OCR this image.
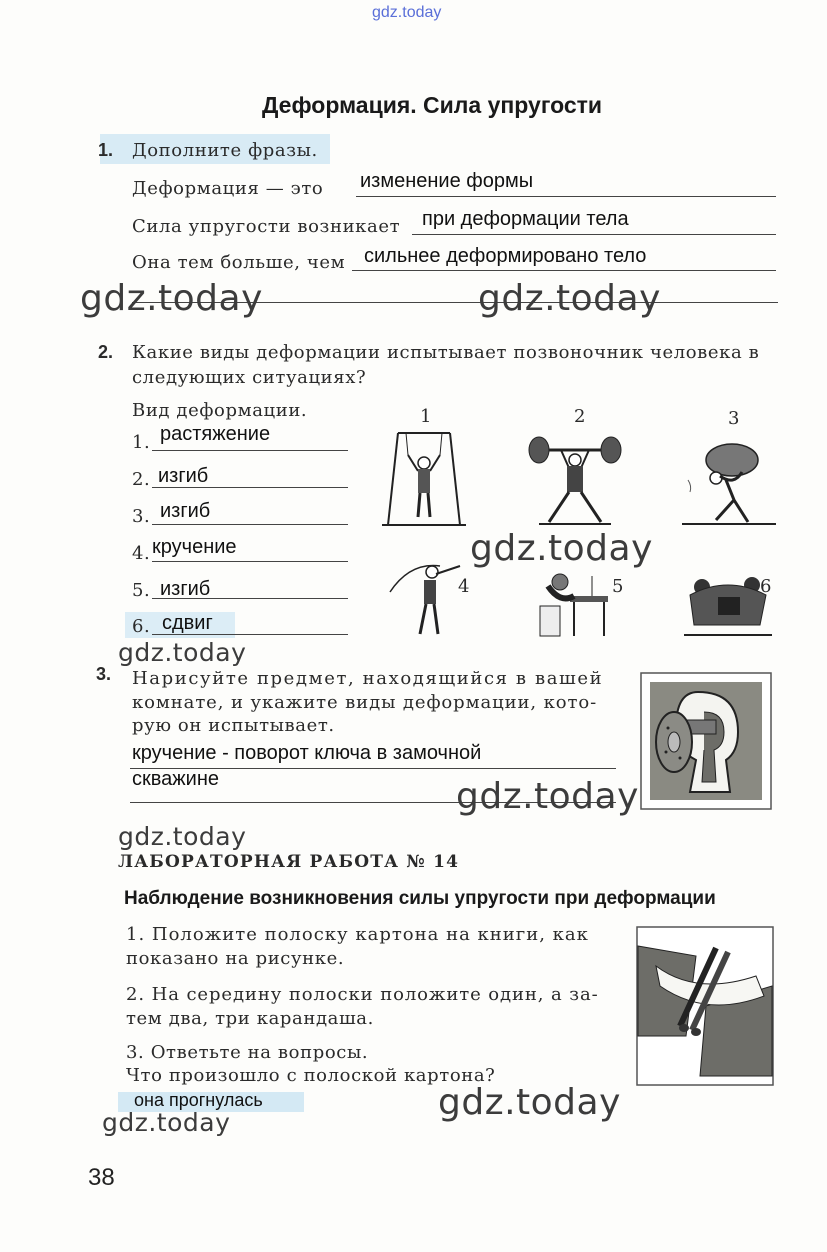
gdz.today
Деформация. Сила упругости
1. Дополните фразы.
Деформация — это изменение формы
Сила упругости возникает при деформации тела
Она тем больше, чем сильнее деформировано тело
gdz.today	gdz.today
2. Какие виды деформации испытывает позвоночник человека в следующих ситуациях?
Вид деформации.
1. растяжение
2. изгиб
3. изгиб
4. кручение
5. изгиб
6. сдвиг
1	2	3
4	5	6
gdz.today
gdz.today
3. Нарисуйте предмет, находящийся в вашей
комнате, и укажите виды деформации, кото-
рую он испытывает.
кручение - поворот ключа в замочной
скважине	gdz.today
gdz.today
ЛАБОРАТОРНАЯ РАБОТА № 14
Наблюдение возникновения силы упругости при деформации
1. Положите полоску картона на книги, как
показано на рисунке.
2. На середину полоски положите один, а за-
тем два, три карандаша.
3. Ответьте на вопросы.
Что произошло с полоской картона?
она прогнулась	gdz.today
gdz.today
38
